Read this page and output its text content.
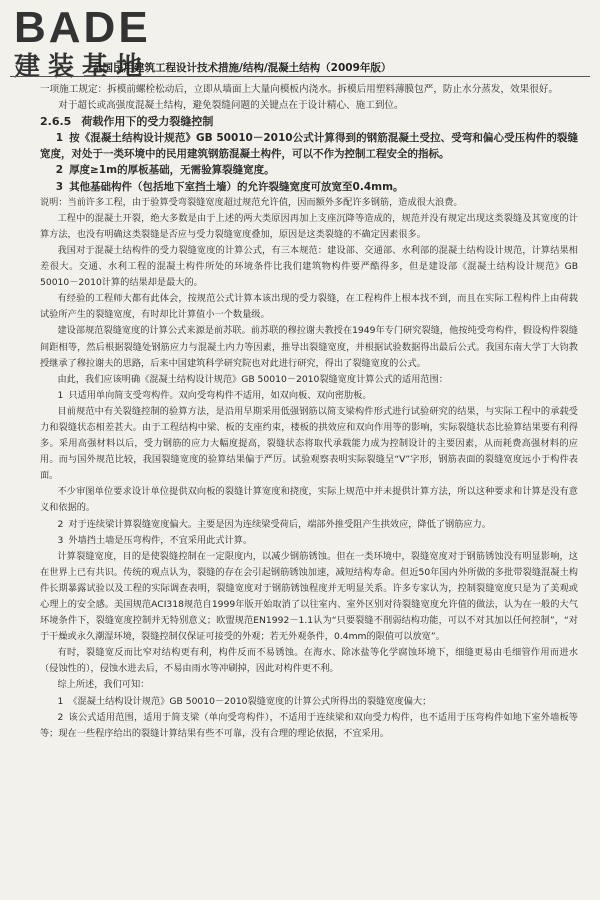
BADE
建装基地
全国民用建筑工程设计技术措施/结构/混凝土结构（2009年版）

一项施工规定：拆模前螺栓松动后，立即从墙面上大量向模板内浇水。拆模后用塑料薄膜包严，防止水分蒸发，效果很好。

对于超长或高强度混凝土结构，避免裂缝问题的关键点在于设计精心、施工到位。

2.6.5 荷载作用下的受力裂缝控制

1 按《混凝土结构设计规范》GB 50010－2010公式计算得到的钢筋混凝土受拉、受弯和偏心受压构件的裂缝宽度，对处于一类环境中的民用建筑钢筋混凝土构件，可以不作为控制工程安全的指标。

2 厚度≥1m的厚板基础，无需验算裂缝宽度。

3 其他基础构件（包括地下室挡土墙）的允许裂缝宽度可放宽至0.4mm。

说明：当前许多工程，由于验算受弯裂缝宽度超过规范允许值，因而额外多配许多钢筋，造成很大浪费。

工程中的混凝土开裂，绝大多数是由于上述的两大类原因再加上支座沉降等造成的，规范并没有规定出现这类裂缝及其宽度的计算方法，也没有明确这类裂缝是否应与受力裂缝宽度叠加，原因是这类裂缝的不确定因素很多。

我国对于混凝土结构件的受力裂缝宽度的计算公式，有三本规范：建设部、交通部、水利部的混凝土结构设计规范，计算结果相差很大。交通、水利工程的混凝土构件所处的环境条件比我们建筑物构件要严酷得多，但是建设部《混凝土结构设计规范》GB 50010－2010计算的结果却是最大的。

有经验的工程师大都有此体会，按规范公式计算本该出现的受力裂缝，在工程构件上根本找不到，而且在实际工程构件上由荷载试验所产生的裂缝宽度，有时却比计算值小一个数量级。

建设部规范裂缝宽度的计算公式来源是前苏联。前苏联的穆拉谢夫教授在1949年专门研究裂缝，他按纯受弯构件，假设构件裂缝间距相等，然后根据裂缝处钢筋应力与混凝土内力等因素，推导出裂缝宽度，并根据试验数据得出最后公式。我国东南大学丁大钧教授继承了穆拉谢夫的思路，后来中国建筑科学研究院也对此进行研究，得出了裂缝宽度的公式。

由此，我们应该明确《混凝土结构设计规范》GB 50010－2010裂缝宽度计算公式的适用范围：

1 只适用单向简支受弯构件。双向受弯构件不适用，如双向板、双向密肋板。

目前规范中有关裂缝控制的验算方法，是沿用早期采用低强钢筋以简支梁构件形式进行试验研究的结果，与实际工程中的承载受力和裂缝状态相差甚大。由于工程结构中梁、板的支座约束，楼板的拱效应和双向作用等的影响，实际裂缝状态比验算结果要有利得多。采用高强材料以后，受力钢筋的应力大幅度提高，裂缝状态将取代承载能力成为控制设计的主要因素，从而耗费高强材料的应用。而与国外规范比较，我国裂缝宽度的验算结果偏于严厉。试验观察表明实际裂缝呈“V”字形，钢筋表面的裂缝宽度远小于构件表面。

不少审图单位要求设计单位提供双向板的裂缝计算宽度和挠度，实际上规范中并未提供计算方法，所以这种要求和计算是没有意义和依据的。

2 对于连续梁计算裂缝宽度偏大。主要是因为连续梁受荷后，端部外推受阻产生拱效应，降低了钢筋应力。

3 外墙挡土墙是压弯构件，不宜采用此式计算。

计算裂缝宽度，目的是使裂缝控制在一定限度内，以减少钢筋锈蚀。但在一类环境中，裂缝宽度对于钢筋锈蚀没有明显影响，这在世界上已有共识。传统的观点认为，裂缝的存在会引起钢筋锈蚀加速，减短结构寿命。但近50年国内外所做的多批带裂缝混凝土构件长期暴露试验以及工程的实际调查表明，裂缝宽度对于钢筋锈蚀程度并无明显关系。许多专家认为，控制裂缝宽度只是为了美观或心理上的安全感。美国规范ACI318规范自1999年版开始取消了以往室内、室外区别对待裂缝宽度允许值的做法，认为在一般的大气环境条件下，裂缝宽度控制并无特别意义；欧盟规范EN1992－1.1认为“只要裂缝不削弱结构功能，可以不对其加以任何控制”，“对于干燥或永久潮湿环境，裂缝控制仅保证可接受的外观；若无外观条件，0.4mm的限值可以放宽”。

有时，裂缝宽反而比窄对结构更有利，构件反而不易锈蚀。在海水、除冰盐等化学腐蚀环境下，细缝更易由毛细管作用而进水（侵蚀性的），侵蚀水进去后，不易由雨水等冲刷掉，因此对构件更不利。

综上所述，我们可知：

1 《混凝土结构设计规范》GB 50010－2010裂缝宽度的计算公式所得出的裂缝宽度偏大；

2 该公式适用范围，适用于简支梁（单向受弯构件），不适用于连续梁和双向受力构件，也不适用于压弯构件如地下室外墙板等等；现在一些程序给出的裂缝计算结果有些不可靠，没有合理的理论依据，不宜采用。
